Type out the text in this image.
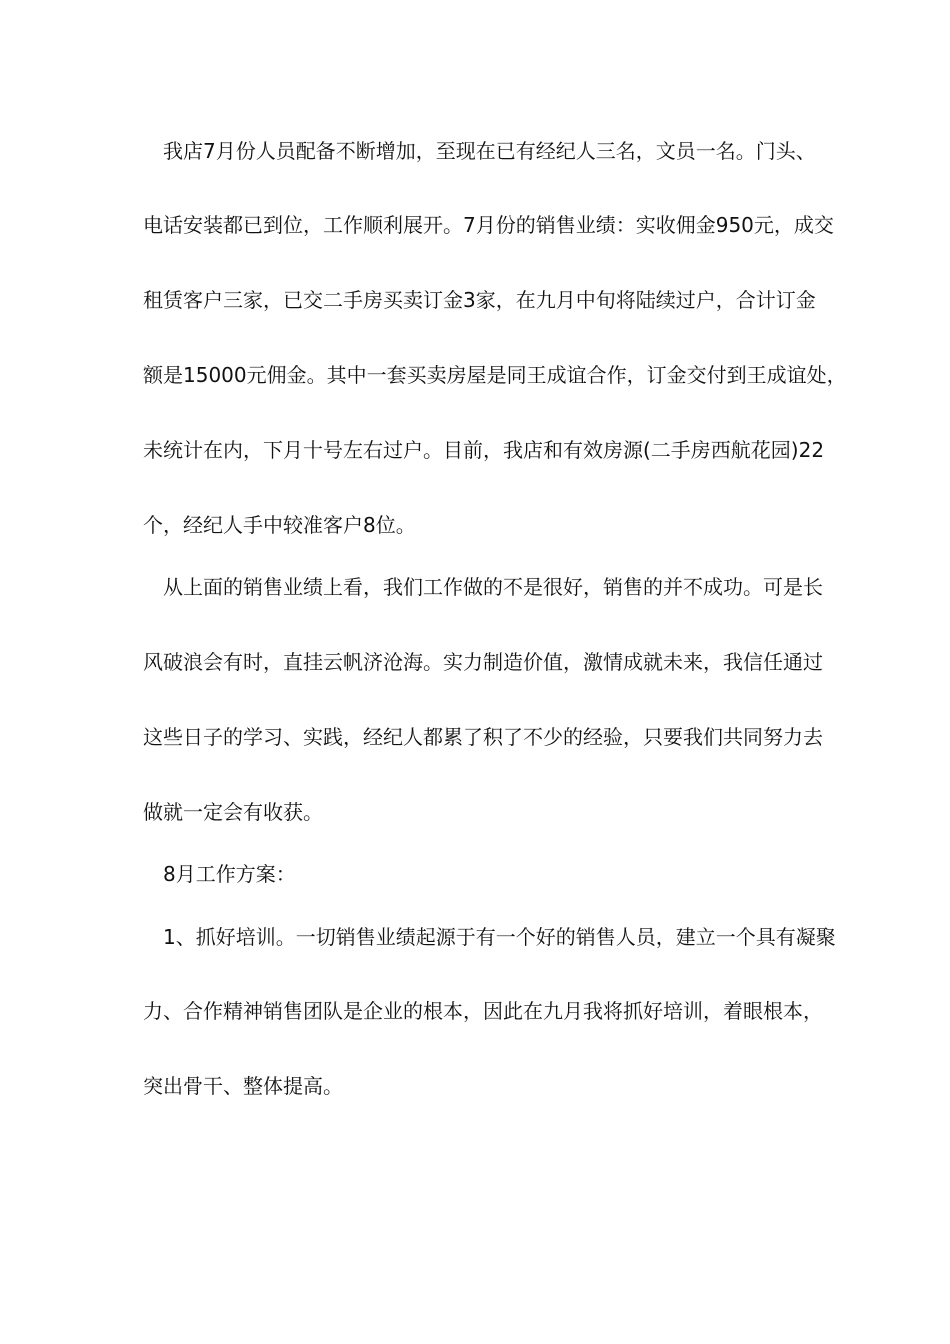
我店7月份人员配备不断增加，至现在已有经纪人三名，文员一名。门头、
电话安装都已到位，工作顺利展开。7月份的销售业绩：实收佣金950元，成交
租赁客户三家，已交二手房买卖订金3家，在九月中旬将陆续过户，合计订金
额是15000元佣金。其中一套买卖房屋是同王成谊合作，订金交付到王成谊处，
未统计在内，下月十号左右过户。目前，我店和有效房源(二手房西航花园)22
个，经纪人手中较准客户8位。
从上面的销售业绩上看，我们工作做的不是很好，销售的并不成功。可是长
风破浪会有时，直挂云帆济沧海。实力制造价值，激情成就未来，我信任通过
这些日子的学习、实践，经纪人都累了积了不少的经验，只要我们共同努力去
做就一定会有收获。
8月工作方案：
1、抓好培训。一切销售业绩起源于有一个好的销售人员，建立一个具有凝聚
力、合作精神销售团队是企业的根本，因此在九月我将抓好培训，着眼根本，
突出骨干、整体提高。
